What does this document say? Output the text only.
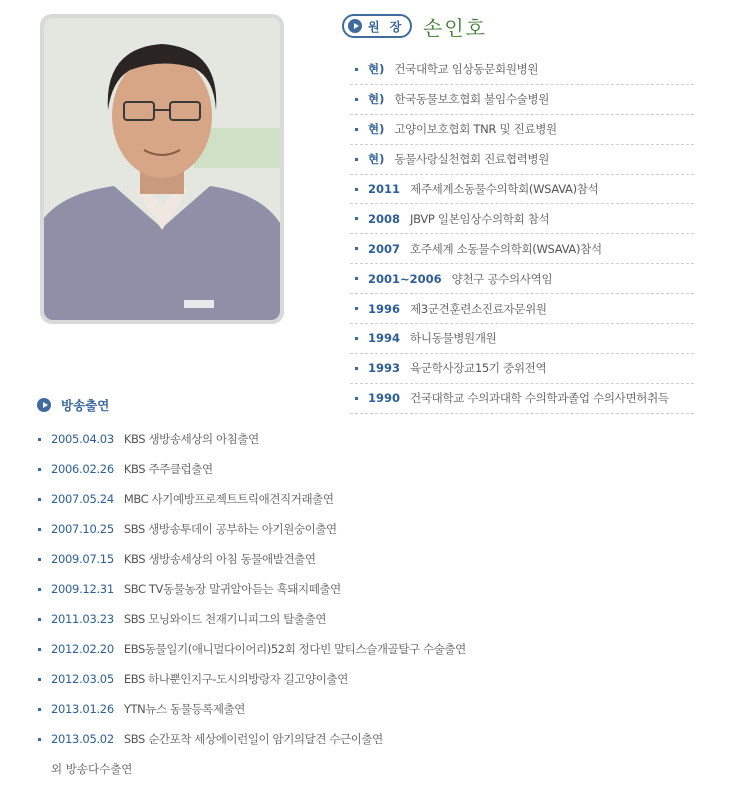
원 장 손인호
현) 건국대학교 임상동문회원병원
현) 한국동물보호협회 불임수술병원
현) 고양이보호협회 TNR 및 진료병원
현) 동물사랑실천협회 진료협력병원
2011 제주세계소동물수의학회(WSAVA)참석
2008 JBVP 일본임상수의학회 참석
2007 호주세계 소동물수의학회(WSAVA)참석
2001~2006 양천구 공수의사역임
1996 제3군견훈련소진료자문위원
1994 하니동물병원개원
1993 육군학사장교15기 중위전역
1990 건국대학교 수의과대학 수의학과졸업 수의사면허취득
방송출연
2005.04.03 KBS 생방송세상의 아침출연
2006.02.26 KBS 주주클럽출연
2007.05.24 MBC 사기예방프로젝트트릭애견직거래출연
2007.10.25 SBS 생방송투데이 공부하는 아기원숭이출연
2009.07.15 KBS 생방송세상의 아침 동물애발견출연
2009.12.31 SBC TV동물농장 말귀알아듣는 흑돼지떼출연
2011.03.23 SBS 모닝와이드 천재기니피그의 탈출출연
2012.02.20 EBS동물일기(애니멀다이어리)52회 정다빈 말티스슬개골탈구 수술출연
2012.03.05 EBS 하나뿐인지구-도시의방랑자 길고양이출연
2013.01.26 YTN뉴스 동물등록제출연
2013.05.02 SBS 순간포착 세상에이런일이 암기의달견 수근이출연
외 방송다수출연
